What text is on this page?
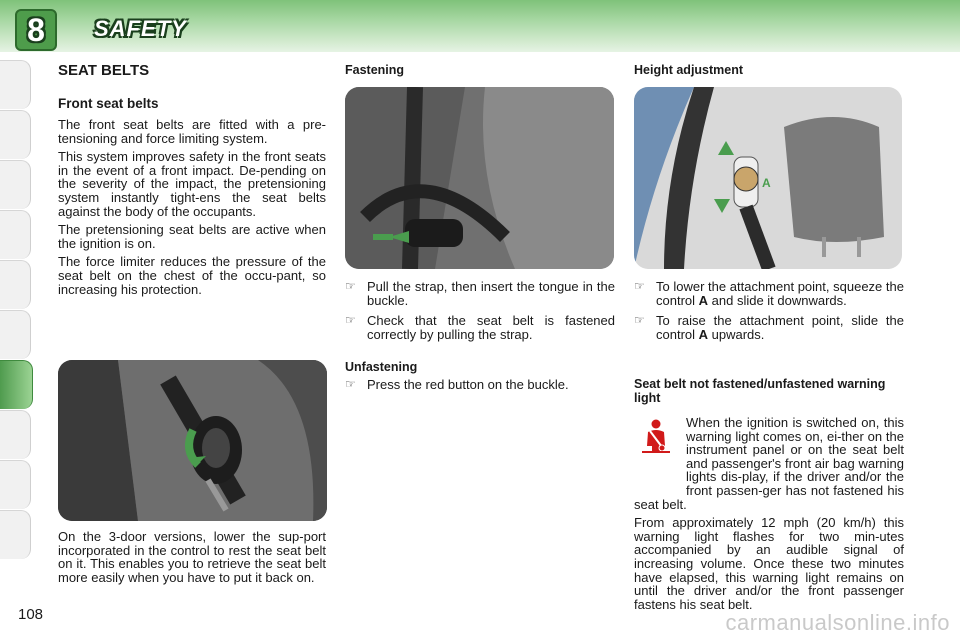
8	SAFETY
SEAT BELTS
Front seat belts

The front seat belts are fitted with a pre-tensioning and force limiting system.

This system improves safety in the front seats in the event of a front impact. De-pending on the severity of the impact, the pretensioning system instantly tight-ens the seat belts against the body of the occupants.

The pretensioning seat belts are active when the ignition is on.

The force limiter reduces the pressure of the seat belt on the chest of the occu-pant, so increasing his protection.

On the 3-door versions, lower the sup-port incorporated in the control to rest the seat belt on it. This enables you to retrieve the seat belt more easily when you have to put it back on.
Fastening
☞ Pull the strap, then insert the tongue in the buckle.
☞ Check that the seat belt is fastened correctly by pulling the strap.
Unfastening
☞ Press the red button on the buckle.
Height adjustment
A
☞ To lower the attachment point, squeeze the control A and slide it downwards.
☞ To raise the attachment point, slide the control A upwards.
Seat belt not fastened/unfastened warning light

When the ignition is switched on, this warning light comes on, ei-ther on the instrument panel or on the seat belt and passenger's front air bag warning lights dis-play, if the driver and/or the front passen-ger has not fastened his seat belt.

From approximately 12 mph (20 km/h) this warning light flashes for two min-utes accompanied by an audible signal of increasing volume. Once these two minutes have elapsed, this warning light remains on until the driver and/or the front passenger fastens his seat belt.

108	carmanualsonline.info
